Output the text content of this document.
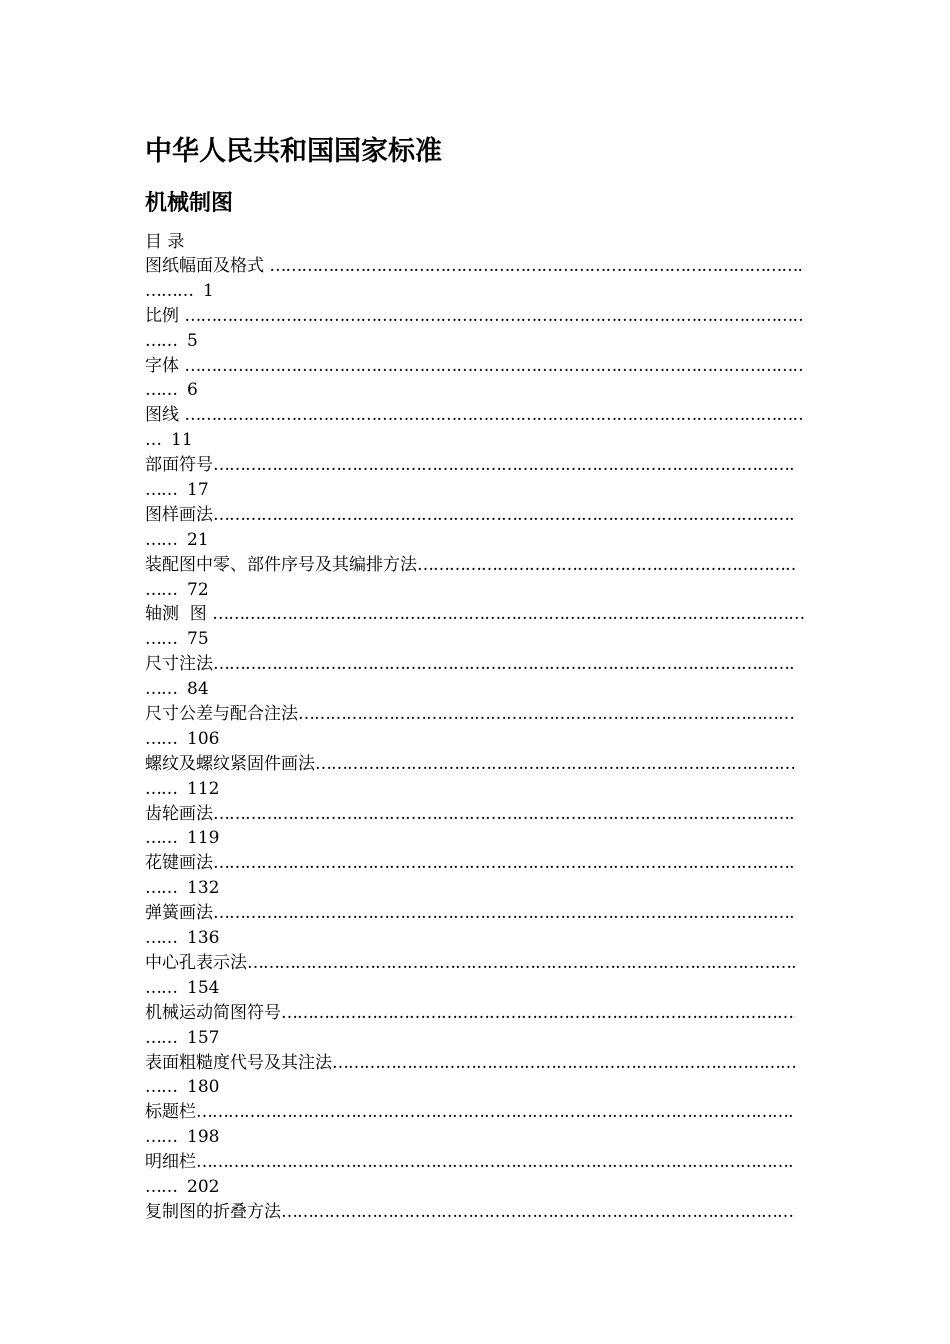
中华人民共和国国家标准
机械制图
目 录
图纸幅面及格式
……………………………………………………………………………………………………………………………………………………………………………………………
……… 1
比例
……………………………………………………………………………………………………………………………………………………………………………………………
…… 5
字体
……………………………………………………………………………………………………………………………………………………………………………………………
…… 6
图线
……………………………………………………………………………………………………………………………………………………………………………………………
… 11
部面符号
……………………………………………………………………………………………………………………………………………………………………………………………
…… 17
图样画法
……………………………………………………………………………………………………………………………………………………………………………………………
…… 21
装配图中零、部件序号及其编排方法
……………………………………………………………………………………………………………………………………………………………………………………………
…… 72
轴测  图
……………………………………………………………………………………………………………………………………………………………………………………………
…… 75
尺寸注法
……………………………………………………………………………………………………………………………………………………………………………………………
…… 84
尺寸公差与配合注法
……………………………………………………………………………………………………………………………………………………………………………………………
…… 106
螺纹及螺纹紧固件画法
……………………………………………………………………………………………………………………………………………………………………………………………
…… 112
齿轮画法
……………………………………………………………………………………………………………………………………………………………………………………………
…… 119
花键画法
……………………………………………………………………………………………………………………………………………………………………………………………
…… 132
弹簧画法
……………………………………………………………………………………………………………………………………………………………………………………………
…… 136
中心孔表示法
……………………………………………………………………………………………………………………………………………………………………………………………
…… 154
机械运动简图符号
……………………………………………………………………………………………………………………………………………………………………………………………
…… 157
表面粗糙度代号及其注法
……………………………………………………………………………………………………………………………………………………………………………………………
…… 180
标题栏
……………………………………………………………………………………………………………………………………………………………………………………………
…… 198
明细栏
……………………………………………………………………………………………………………………………………………………………………………………………
…… 202
复制图的折叠方法
……………………………………………………………………………………………………………………………………………………………………………………………
